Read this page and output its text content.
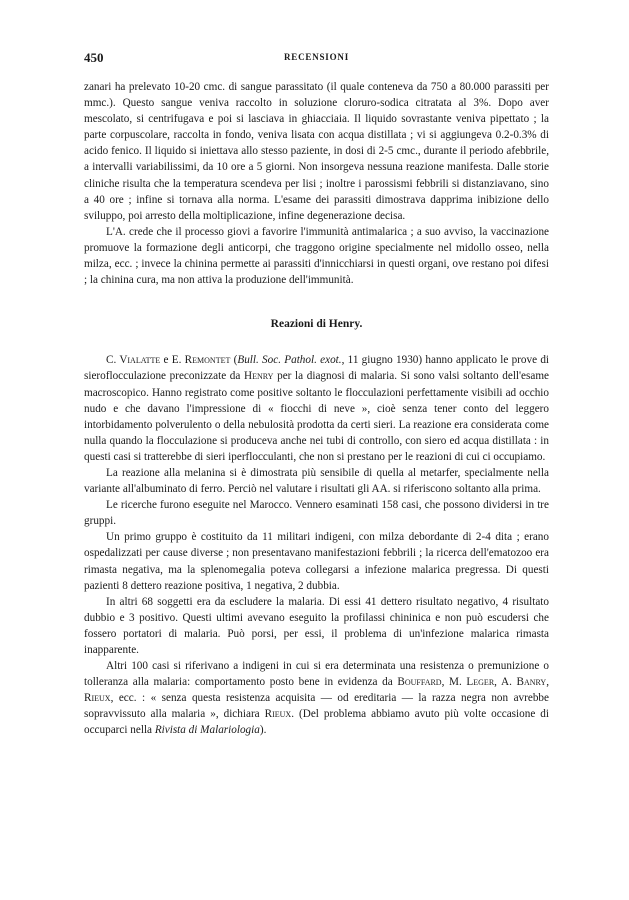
450	RECENSIONI

zanari ha prelevato 10-20 cmc. di sangue parassitato (il quale conteneva da 750 a 80.000 parassiti per mmc.). Questo sangue veniva raccolto in soluzione cloruro-sodica citratata al 3%. Dopo aver mescolato, si centrifugava e poi si lasciava in ghiacciaia. Il liquido sovrastante veniva pipettato ; la parte corpuscolare, raccolta in fondo, veniva lisata con acqua distillata ; vi si aggiungeva 0.2-0.3% di acido fenico. Il liquido si iniettava allo stesso paziente, in dosi di 2-5 cmc., durante il periodo afebbrile, a intervalli variabilissimi, da 10 ore a 5 giorni. Non insorgeva nessuna reazione manifesta. Dalle storie cliniche risulta che la temperatura scendeva per lisi ; inoltre i parossismi febbrili si distanziavano, sino a 40 ore ; infine si tornava alla norma. L'esame dei parassiti dimostrava dapprima inibizione dello sviluppo, poi arresto della moltiplicazione, infine degenerazione decisa.

L'A. crede che il processo giovi a favorire l'immunità antimalarica ; a suo avviso, la vaccinazione promuove la formazione degli anticorpi, che traggono origine specialmente nel midollo osseo, nella milza, ecc. ; invece la chinina permette ai parassiti d'innicchiarsi in questi organi, ove restano poi difesi ; la chinina cura, ma non attiva la produzione dell'immunità.

Reazioni di Henry.

C. Vialatte e E. Remontet (Bull. Soc. Pathol. exot., 11 giugno 1930) hanno applicato le prove di sieroflocculazione preconizzate da Henry per la diagnosi di malaria. Si sono valsi soltanto dell'esame macroscopico. Hanno registrato come positive soltanto le flocculazioni perfettamente visibili ad occhio nudo e che davano l'impressione di « fiocchi di neve », cioè senza tener conto del leggero intorbidamento polverulento o della nebulosità prodotta da certi sieri. La reazione era considerata come nulla quando la flocculazione si produceva anche nei tubi di controllo, con siero ed acqua distillata : in questi casi si tratterebbe di sieri iperflocculanti, che non si prestano per le reazioni di cui ci occupiamo.

La reazione alla melanina si è dimostrata più sensibile di quella al metarfer, specialmente nella variante all'albuminato di ferro. Perciò nel valutare i risultati gli AA. si riferiscono soltanto alla prima.

Le ricerche furono eseguite nel Marocco. Vennero esaminati 158 casi, che possono dividersi in tre gruppi.

Un primo gruppo è costituito da 11 militari indigeni, con milza debordante di 2-4 dita ; erano ospedalizzati per cause diverse ; non presentavano manifestazioni febbrili ; la ricerca dell'ematozoo era rimasta negativa, ma la splenomegalia poteva collegarsi a infezione malarica pregressa. Di questi pazienti 8 dettero reazione positiva, 1 negativa, 2 dubbia.

In altri 68 soggetti era da escludere la malaria. Di essi 41 dettero risultato negativo, 4 risultato dubbio e 3 positivo. Questi ultimi avevano eseguito la profilassi chininica e non può escudersi che fossero portatori di malaria. Può porsi, per essi, il problema di un'infezione malarica rimasta inapparente.

Altri 100 casi si riferivano a indigeni in cui si era determinata una resistenza o premunizione o tolleranza alla malaria: comportamento posto bene in evidenza da Bouffard, M. Leger, A. Banry, Rieux, ecc. : « senza questa resistenza acquisita — od ereditaria — la razza negra non avrebbe sopravvissuto alla malaria », dichiara Rieux. (Del problema abbiamo avuto più volte occasione di occuparci nella Rivista di Malariologia).
